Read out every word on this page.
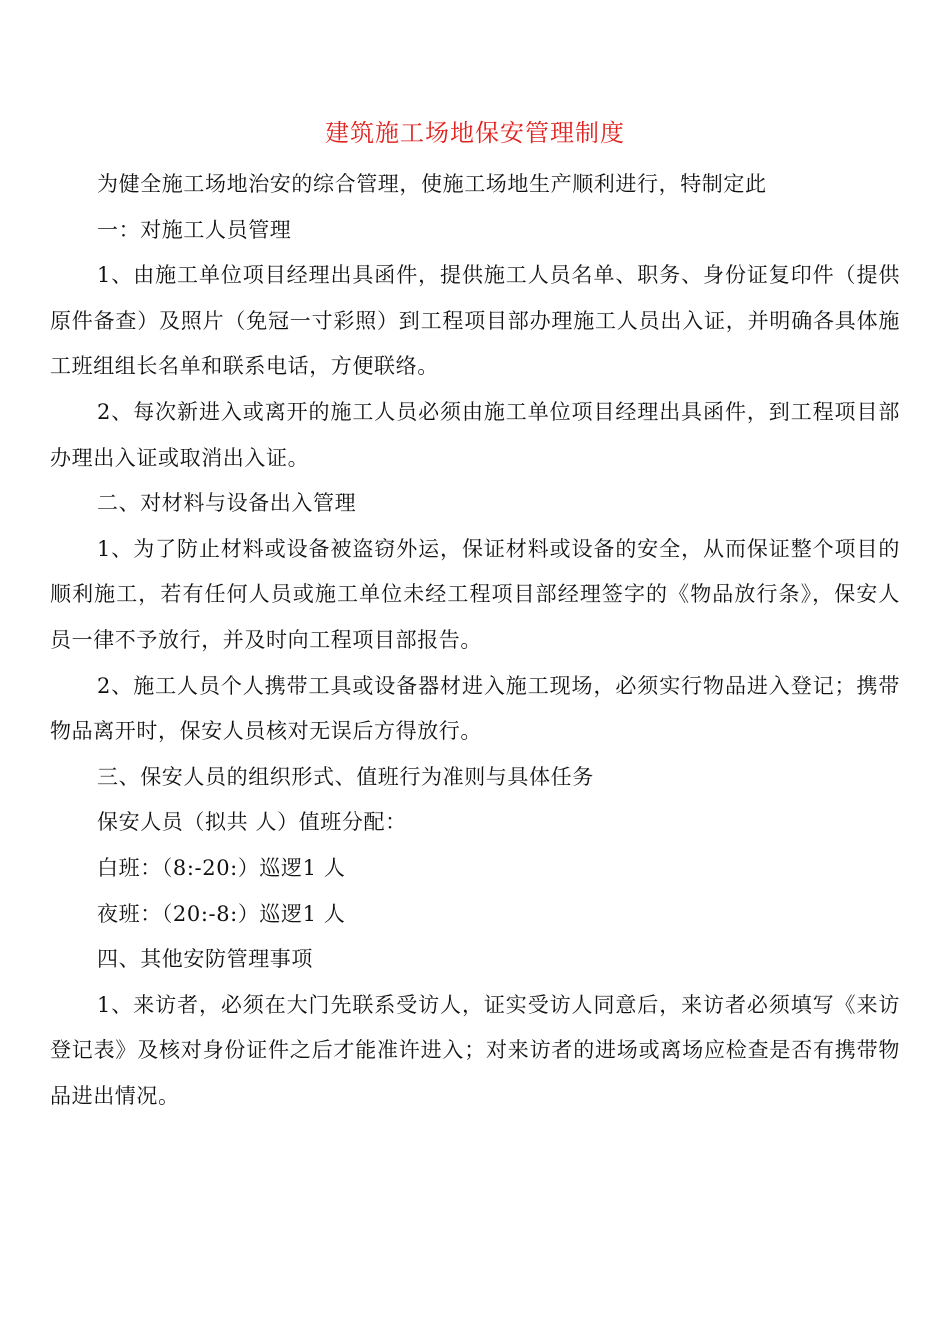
建筑施工场地保安管理制度

为健全施工场地治安的综合管理，使施工场地生产顺利进行，特制定此

一：对施工人员管理

1、由施工单位项目经理出具函件，提供施工人员名单、职务、身份证复印件（提供原件备查）及照片（免冠一寸彩照）到工程项目部办理施工人员出入证，并明确各具体施工班组组长名单和联系电话，方便联络。

2、每次新进入或离开的施工人员必须由施工单位项目经理出具函件，到工程项目部办理出入证或取消出入证。

二、对材料与设备出入管理

1、为了防止材料或设备被盗窃外运，保证材料或设备的安全，从而保证整个项目的顺利施工，若有任何人员或施工单位未经工程项目部经理签字的《物品放行条》，保安人员一律不予放行，并及时向工程项目部报告。

2、施工人员个人携带工具或设备器材进入施工现场，必须实行物品进入登记；携带物品离开时，保安人员核对无误后方得放行。

三、保安人员的组织形式、值班行为准则与具体任务

保安人员（拟共 人）值班分配：

白班：（8:-20:）巡逻1 人

夜班：（20:-8:）巡逻1 人

四、其他安防管理事项

1、来访者，必须在大门先联系受访人，证实受访人同意后，来访者必须填写《来访登记表》及核对身份证件之后才能准许进入；对来访者的进场或离场应检查是否有携带物品进出情况。
